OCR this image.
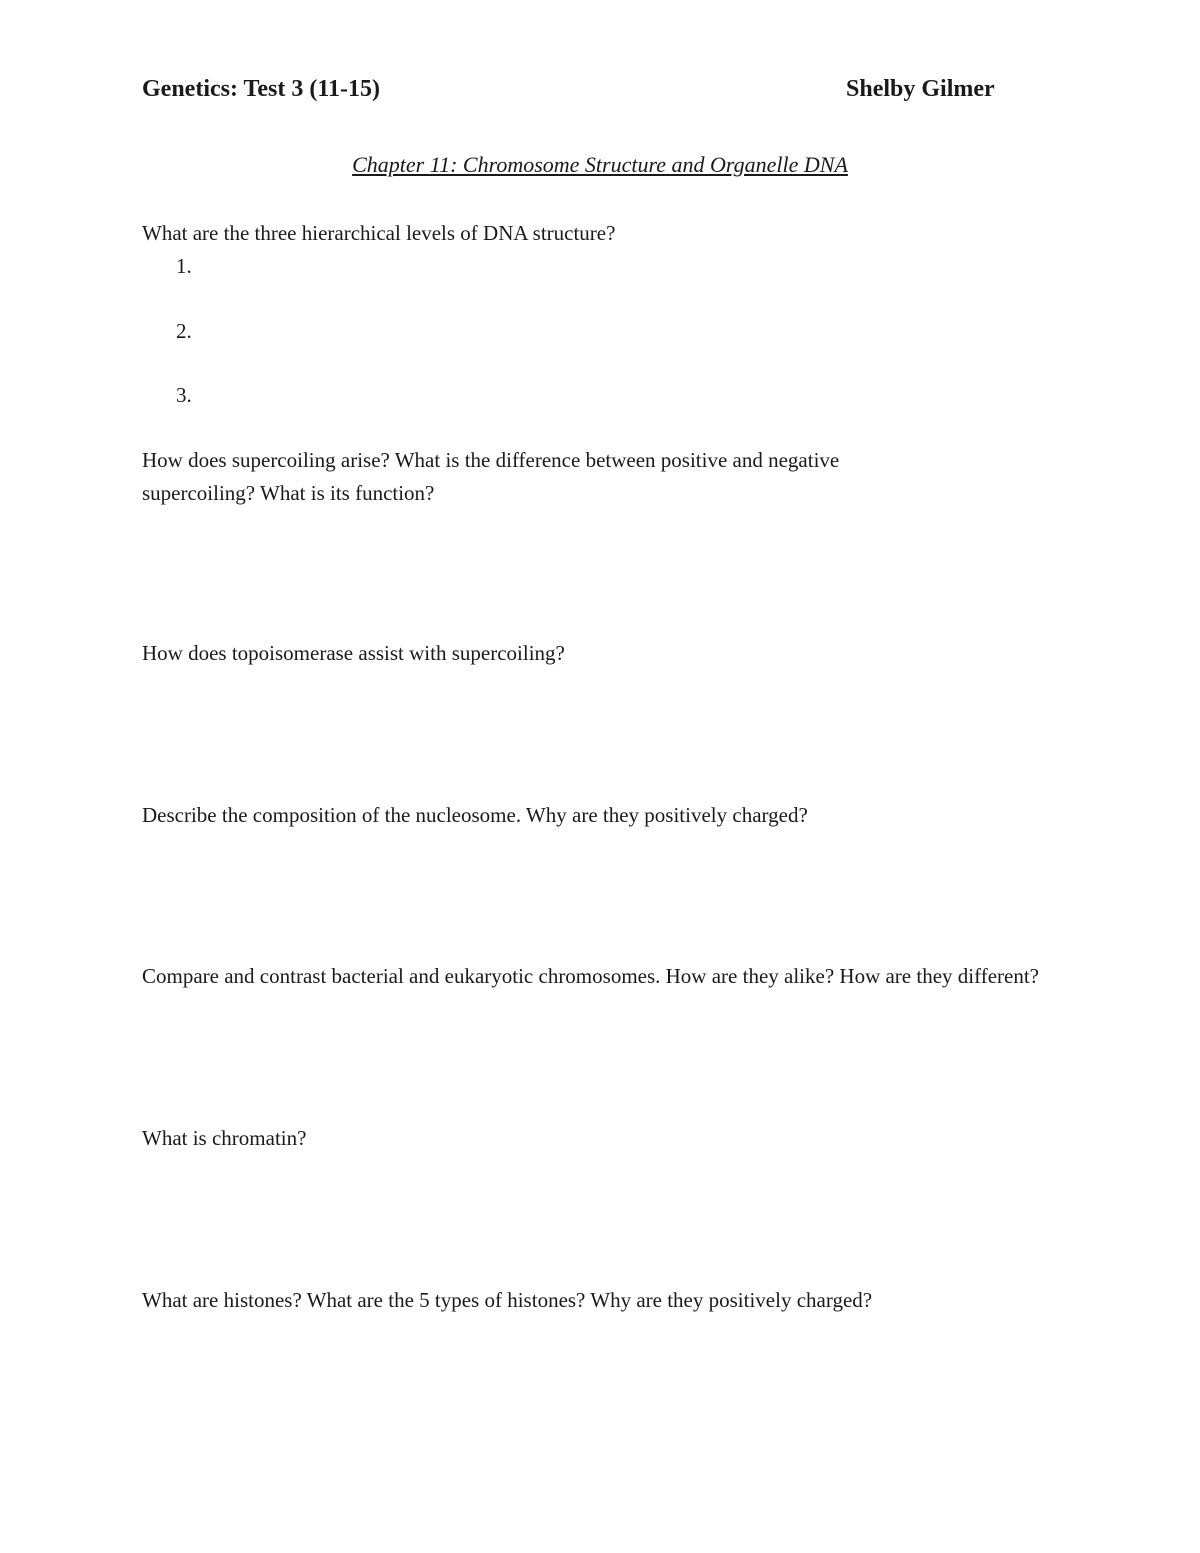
Genetics: Test 3 (11-15)	Shelby Gilmer
Chapter 11: Chromosome Structure and Organelle DNA
What are the three hierarchical levels of DNA structure?
1.
2.
3.
How does supercoiling arise? What is the difference between positive and negative
supercoiling? What is its function?
How does topoisomerase assist with supercoiling?
Describe the composition of the nucleosome. Why are they positively charged?
Compare and contrast bacterial and eukaryotic chromosomes. How are they alike? How are they different?
What is chromatin?
What are histones? What are the 5 types of histones? Why are they positively charged?
